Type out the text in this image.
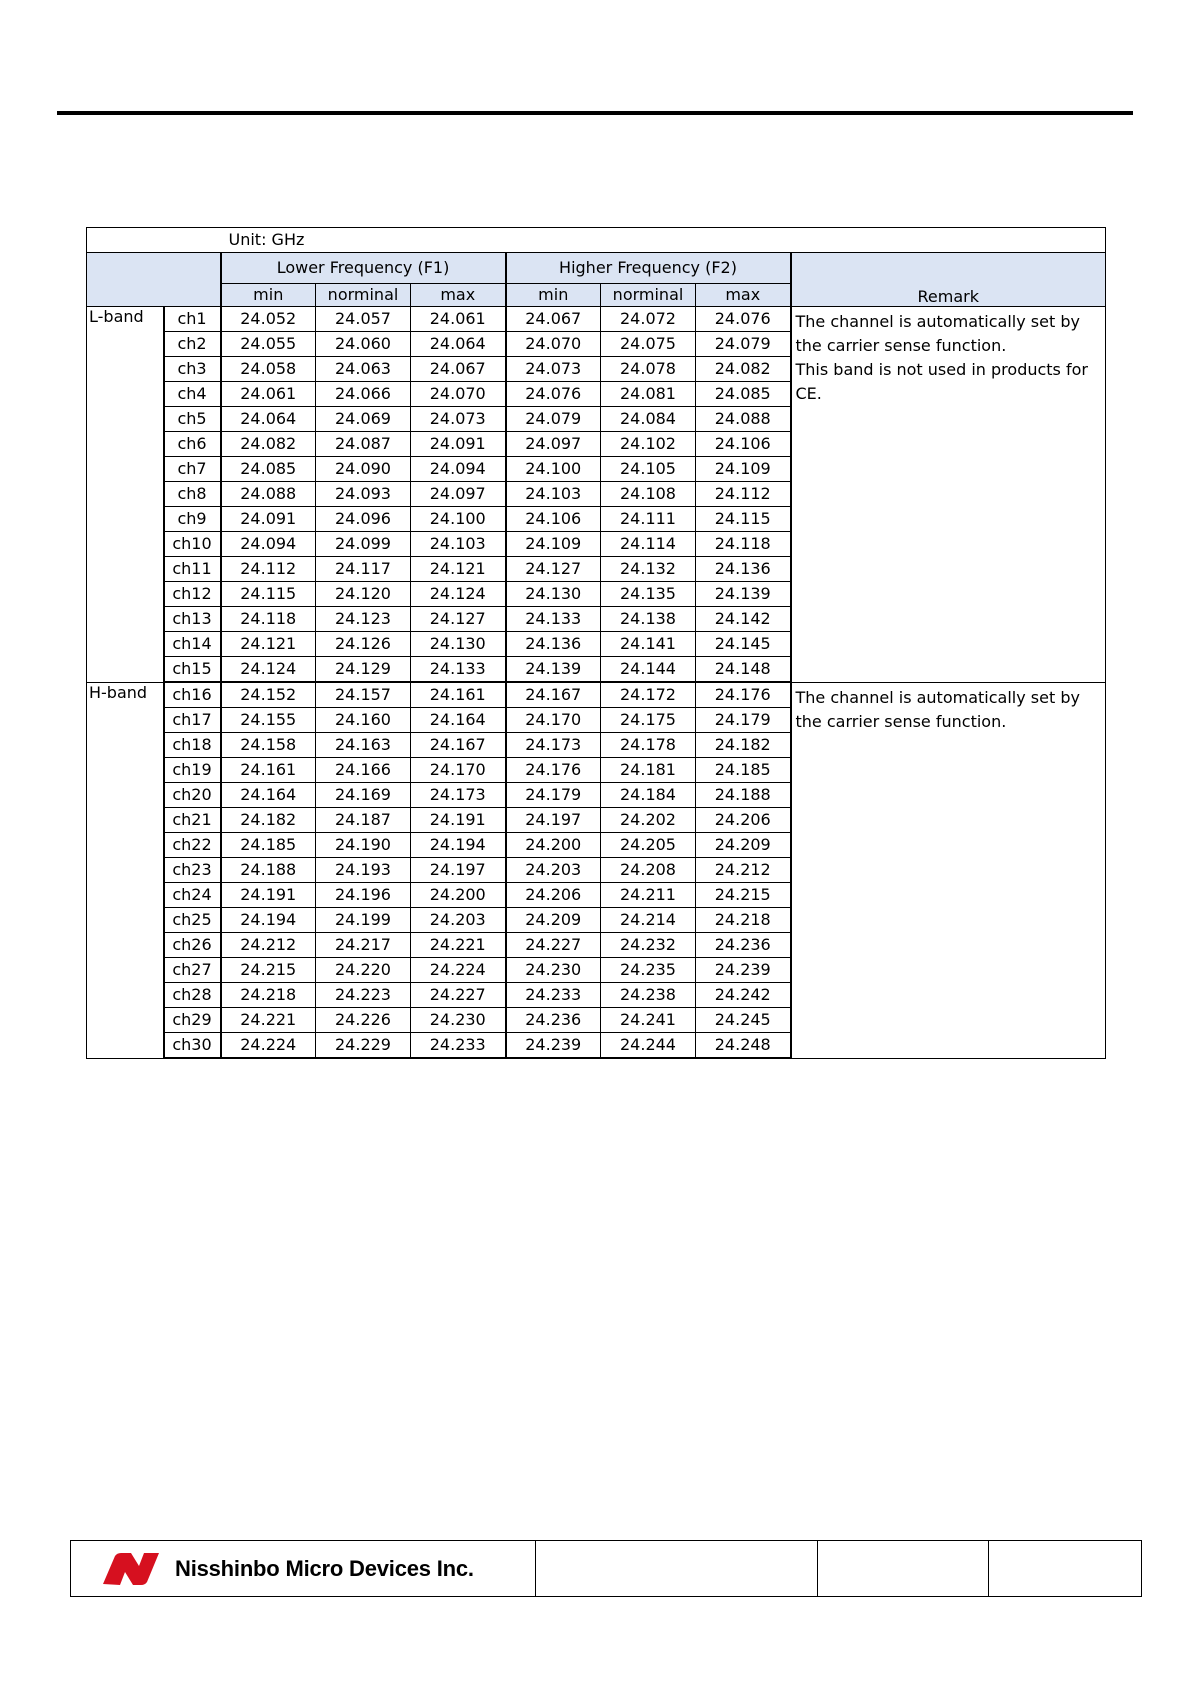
		Unit: GHz						
		Lower Frequency (F1)			Higher Frequency (F2)			Remark
		min	norminal	max	min	norminal	max	
L-band	ch1	24.052	24.057	24.061	24.067	24.072	24.076	The channel is automatically set by
the carrier sense function.
This band is not used in products for
CE.

	ch2	24.055	24.060	24.064	24.070	24.075	24.079	
	ch3	24.058	24.063	24.067	24.073	24.078	24.082	
	ch4	24.061	24.066	24.070	24.076	24.081	24.085	
	ch5	24.064	24.069	24.073	24.079	24.084	24.088	
	ch6	24.082	24.087	24.091	24.097	24.102	24.106	
	ch7	24.085	24.090	24.094	24.100	24.105	24.109	
	ch8	24.088	24.093	24.097	24.103	24.108	24.112	
	ch9	24.091	24.096	24.100	24.106	24.111	24.115	
	ch10	24.094	24.099	24.103	24.109	24.114	24.118	
	ch11	24.112	24.117	24.121	24.127	24.132	24.136	
	ch12	24.115	24.120	24.124	24.130	24.135	24.139	
	ch13	24.118	24.123	24.127	24.133	24.138	24.142	
	ch14	24.121	24.126	24.130	24.136	24.141	24.145	
	ch15	24.124	24.129	24.133	24.139	24.144	24.148	
H-band	ch16	24.152	24.157	24.161	24.167	24.172	24.176	The channel is automatically set by
the carrier sense function.

	ch17	24.155	24.160	24.164	24.170	24.175	24.179	
	ch18	24.158	24.163	24.167	24.173	24.178	24.182	
	ch19	24.161	24.166	24.170	24.176	24.181	24.185	
	ch20	24.164	24.169	24.173	24.179	24.184	24.188	
	ch21	24.182	24.187	24.191	24.197	24.202	24.206	
	ch22	24.185	24.190	24.194	24.200	24.205	24.209	
	ch23	24.188	24.193	24.197	24.203	24.208	24.212	
	ch24	24.191	24.196	24.200	24.206	24.211	24.215	
	ch25	24.194	24.199	24.203	24.209	24.214	24.218	
	ch26	24.212	24.217	24.221	24.227	24.232	24.236	
	ch27	24.215	24.220	24.224	24.230	24.235	24.239	
	ch28	24.218	24.223	24.227	24.233	24.238	24.242	
	ch29	24.221	24.226	24.230	24.236	24.241	24.245	
	ch30	24.224	24.229	24.233	24.239	24.244	24.248	
Nisshinbo Micro Devices Inc.
